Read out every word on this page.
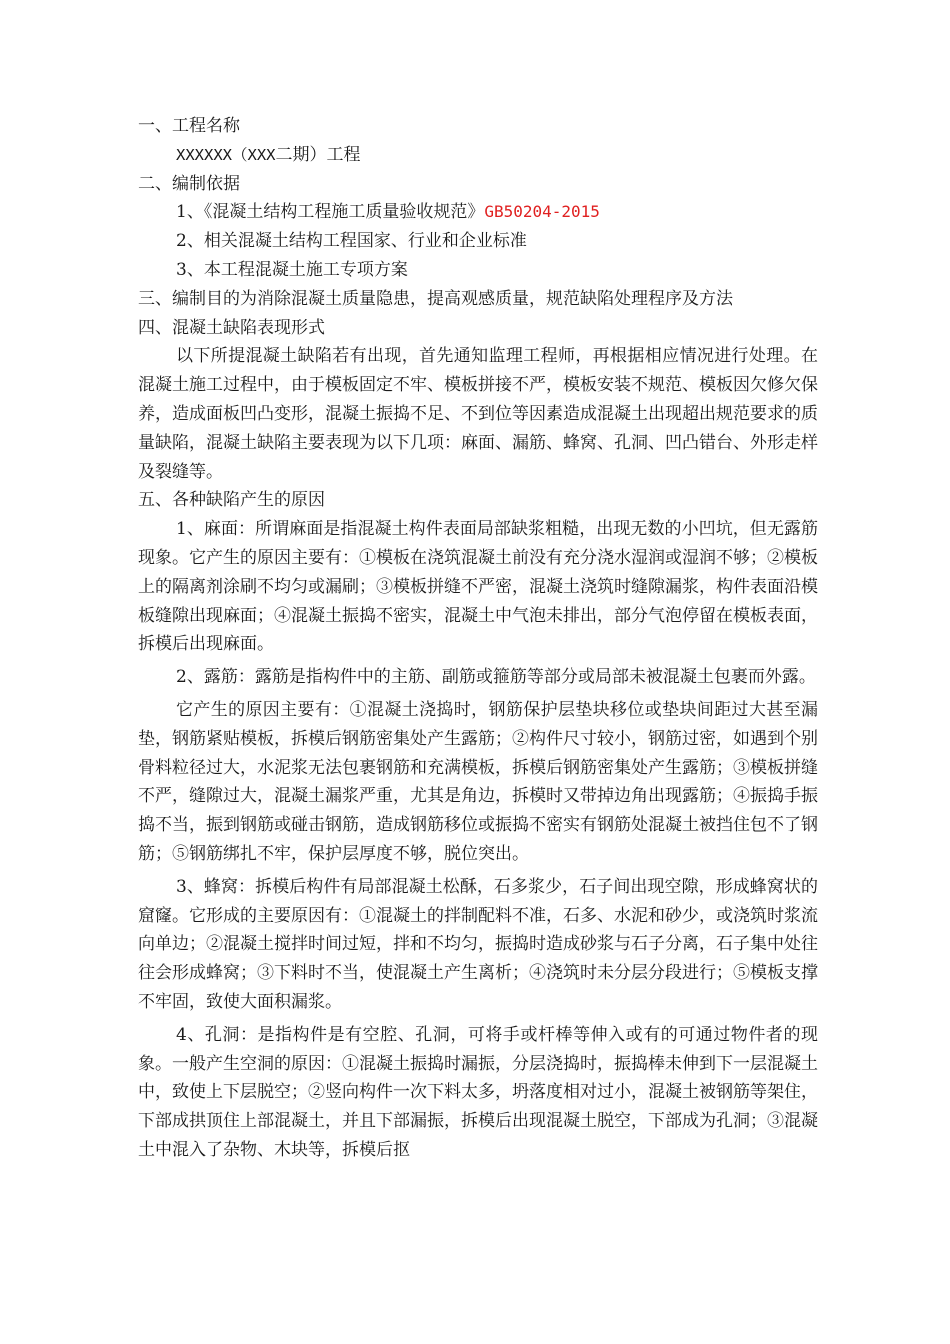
一、工程名称

XXXXXX（XXX二期）工程

二、编制依据

1、《混凝土结构工程施工质量验收规范》GB50204-2015

2、相关混凝土结构工程国家、行业和企业标准

3、本工程混凝土施工专项方案

三、编制目的为消除混凝土质量隐患，提高观感质量，规范缺陷处理程序及方法

四、混凝土缺陷表现形式

以下所提混凝土缺陷若有出现，首先通知监理工程师，再根据相应情况进行处理。在混凝土施工过程中，由于模板固定不牢、模板拼接不严，模板安装不规范、模板因欠修欠保养，造成面板凹凸变形，混凝土振捣不足、不到位等因素造成混凝土出现超出规范要求的质量缺陷，混凝土缺陷主要表现为以下几项：麻面、漏筋、蜂窝、孔洞、凹凸错台、外形走样及裂缝等。

五、各种缺陷产生的原因

1、麻面：所谓麻面是指混凝土构件表面局部缺浆粗糙，出现无数的小凹坑，但无露筋现象。它产生的原因主要有：①模板在浇筑混凝土前没有充分浇水湿润或湿润不够；②模板上的隔离剂涂刷不均匀或漏刷；③模板拼缝不严密，混凝土浇筑时缝隙漏浆，构件表面沿模板缝隙出现麻面；④混凝土振捣不密实，混凝土中气泡未排出，部分气泡停留在模板表面，拆模后出现麻面。

2、露筋：露筋是指构件中的主筋、副筋或箍筋等部分或局部未被混凝土包裹而外露。

它产生的原因主要有：①混凝土浇捣时，钢筋保护层垫块移位或垫块间距过大甚至漏垫，钢筋紧贴模板，拆模后钢筋密集处产生露筋；②构件尺寸较小，钢筋过密，如遇到个别骨料粒径过大，水泥浆无法包裹钢筋和充满模板，拆模后钢筋密集处产生露筋；③模板拼缝不严，缝隙过大，混凝土漏浆严重，尤其是角边，拆模时又带掉边角出现露筋；④振捣手振捣不当，振到钢筋或碰击钢筋，造成钢筋移位或振捣不密实有钢筋处混凝土被挡住包不了钢筋；⑤钢筋绑扎不牢，保护层厚度不够，脱位突出。

3、蜂窝：拆模后构件有局部混凝土松酥，石多浆少，石子间出现空隙，形成蜂窝状的窟窿。它形成的主要原因有：①混凝土的拌制配料不准，石多、水泥和砂少，或浇筑时浆流向单边；②混凝土搅拌时间过短，拌和不均匀，振捣时造成砂浆与石子分离，石子集中处往往会形成蜂窝；③下料时不当，使混凝土产生离析；④浇筑时未分层分段进行；⑤模板支撑不牢固，致使大面积漏浆。

4、孔洞：是指构件是有空腔、孔洞，可将手或杆棒等伸入或有的可通过物件者的现象。一般产生空洞的原因：①混凝土振捣时漏振，分层浇捣时，振捣棒未伸到下一层混凝土中，致使上下层脱空；②竖向构件一次下料太多，坍落度相对过小，混凝土被钢筋等架住，下部成拱顶住上部混凝土，并且下部漏振，拆模后出现混凝土脱空，下部成为孔洞；③混凝土中混入了杂物、木块等，拆模后抠
